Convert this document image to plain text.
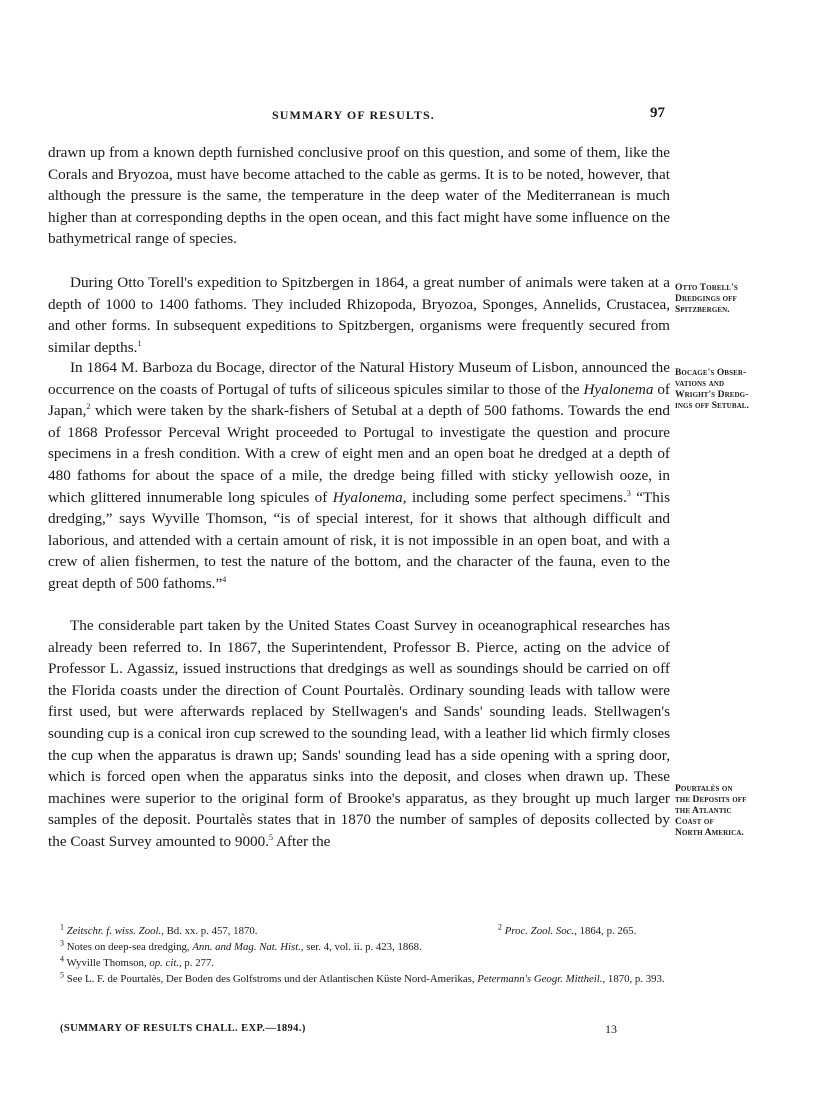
SUMMARY OF RESULTS.	97

drawn up from a known depth furnished conclusive proof on this question, and some of them, like the Corals and Bryozoa, must have become attached to the cable as germs. It is to be noted, however, that although the pressure is the same, the temperature in the deep water of the Mediterranean is much higher than at corresponding depths in the open ocean, and this fact might have some influence on the bathymetrical range of species.

During Otto Torell's expedition to Spitzbergen in 1864, a great number of animals were taken at a depth of 1000 to 1400 fathoms. They included Rhizopoda, Bryozoa, Sponges, Annelids, Crustacea, and other forms. In subsequent expeditions to Spitzbergen, organisms were frequently secured from similar depths.$^1$

In 1864 M. Barboza du Bocage, director of the Natural History Museum of Lisbon, announced the occurrence on the coasts of Portugal of tufts of siliceous spicules similar to those of the Hyalonema of Japan,$^2$ which were taken by the shark-fishers of Setubal at a depth of 500 fathoms. Towards the end of 1868 Professor Perceval Wright proceeded to Portugal to investigate the question and procure specimens in a fresh condition. With a crew of eight men and an open boat he dredged at a depth of 480 fathoms for about the space of a mile, the dredge being filled with sticky yellowish ooze, in which glittered innumerable long spicules of Hyalonema, including some perfect specimens.$^3$ “This dredging,” says Wyville Thomson, “is of special interest, for it shows that although difficult and laborious, and attended with a certain amount of risk, it is not impossible in an open boat, and with a crew of alien fishermen, to test the nature of the bottom, and the character of the fauna, even to the great depth of 500 fathoms.”$^4$

The considerable part taken by the United States Coast Survey in oceanographical researches has already been referred to. In 1867, the Superintendent, Professor B. Pierce, acting on the advice of Professor L. Agassiz, issued instructions that dredgings as well as soundings should be carried on off the Florida coasts under the direction of Count Pourtalès. Ordinary sounding leads with tallow were first used, but were afterwards replaced by Stellwagen's and Sands' sounding leads. Stellwagen's sounding cup is a conical iron cup screwed to the sounding lead, with a leather lid which firmly closes the cup when the apparatus is drawn up; Sands' sounding lead has a side opening with a spring door, which is forced open when the apparatus sinks into the deposit, and closes when drawn up. These machines were superior to the original form of Brooke's apparatus, as they brought up much larger samples of the deposit. Pourtalès states that in 1870 the number of samples of deposits collected by the Coast Survey amounted to 9000.$^5$ After the

Otto Torell's
Dredgings off
Spitzbergen.
Bocage's Obser-
vations and
Wright's Dredg-
ings off Setubal.
Pourtalès on
the Deposits off
the Atlantic
Coast of
North America.
$^1$ Zeitschr. f. wiss. Zool., Bd. xx. p. 457, 1870.	$^2$ Proc. Zool. Soc., 1864, p. 265.
$^3$ Notes on deep-sea dredging, Ann. and Mag. Nat. Hist., ser. 4, vol. ii. p. 423, 1868.
$^4$ Wyville Thomson, op. cit., p. 277.
$^5$ See L. F. de Pourtalès, Der Boden des Golfstroms und der Atlantischen Küste Nord-Amerikas, Petermann's Geogr. Mittheil., 1870, p. 393.
(SUMMARY OF RESULTS CHALL. EXP.—1894.)	13
